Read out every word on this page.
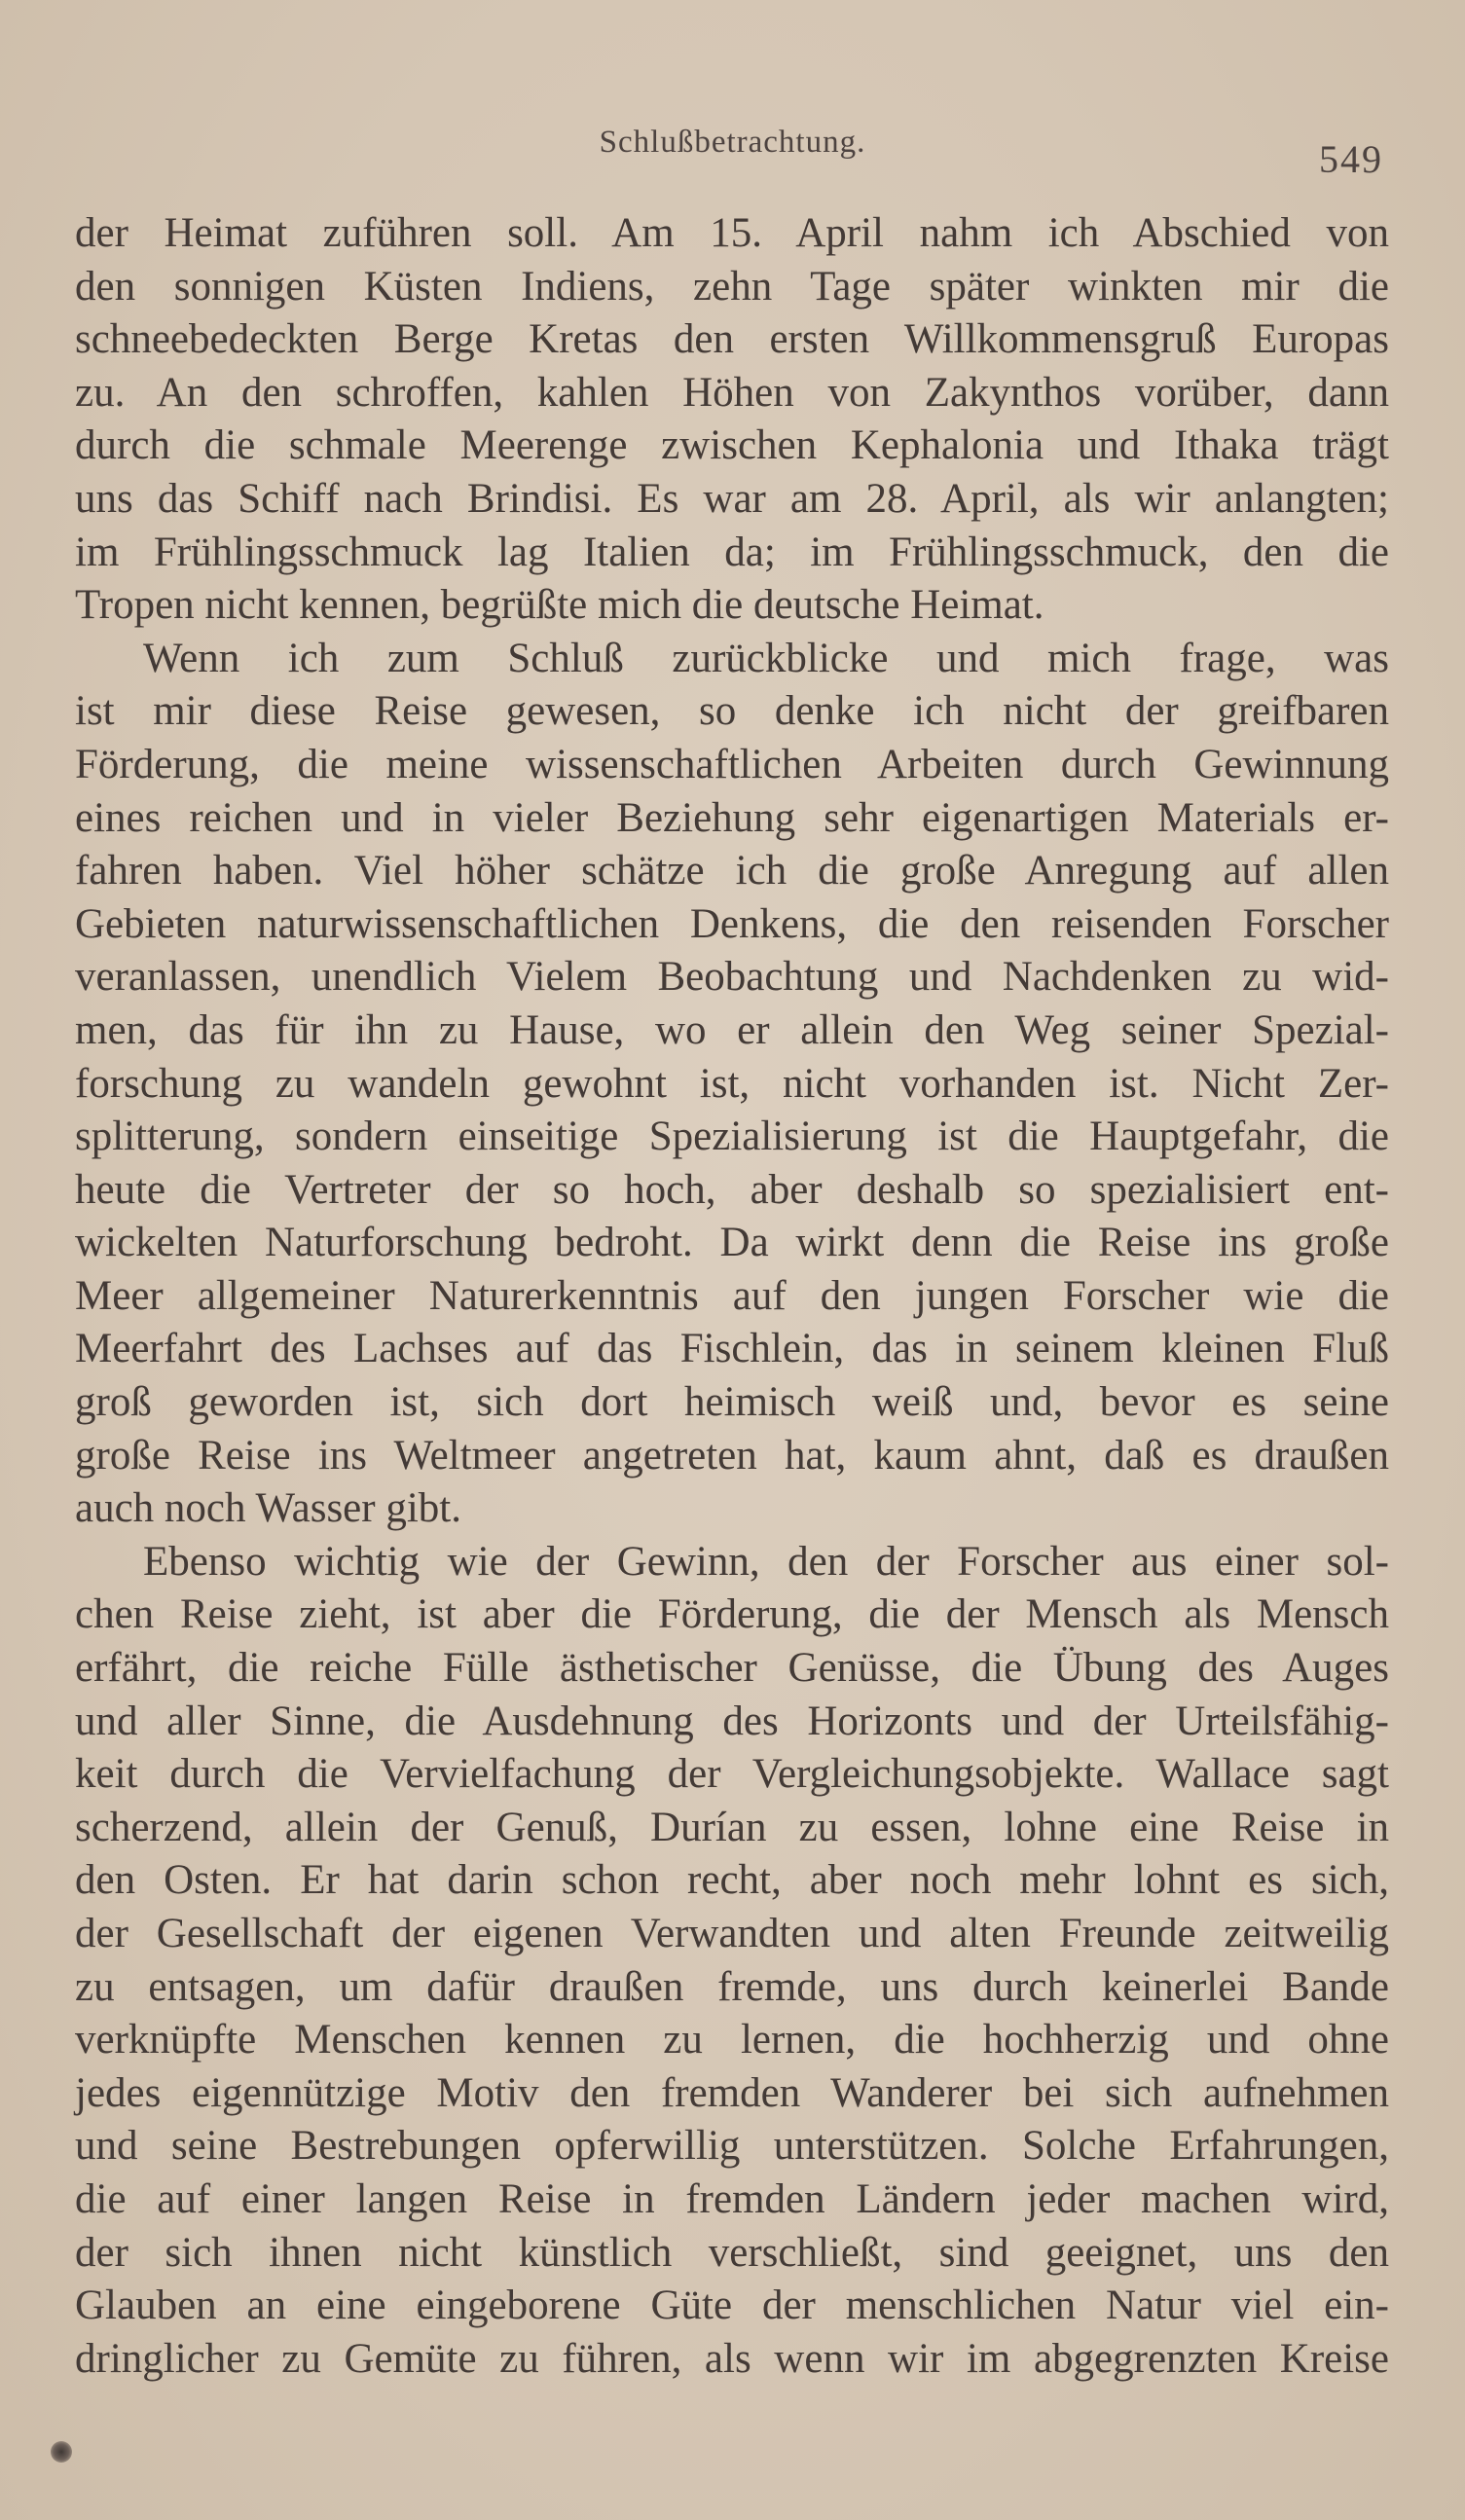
Schlußbetrachtung.	549
der Heimat zuführen soll. Am 15. April nahm ich Abschied von
den sonnigen Küsten Indiens, zehn Tage später winkten mir die
schneebedeckten Berge Kretas den ersten Willkommensgruß Europas
zu. An den schroffen, kahlen Höhen von Zakynthos vorüber, dann
durch die schmale Meerenge zwischen Kephalonia und Ithaka trägt
uns das Schiff nach Brindisi. Es war am 28. April, als wir anlangten;
im Frühlingsschmuck lag Italien da; im Frühlingsschmuck, den die
Tropen nicht kennen, begrüßte mich die deutsche Heimat.
Wenn ich zum Schluß zurückblicke und mich frage, was
ist mir diese Reise gewesen, so denke ich nicht der greifbaren
Förderung, die meine wissenschaftlichen Arbeiten durch Gewinnung
eines reichen und in vieler Beziehung sehr eigenartigen Materials er-
fahren haben. Viel höher schätze ich die große Anregung auf allen
Gebieten naturwissenschaftlichen Denkens, die den reisenden Forscher
veranlassen, unendlich Vielem Beobachtung und Nachdenken zu wid-
men, das für ihn zu Hause, wo er allein den Weg seiner Spezial-
forschung zu wandeln gewohnt ist, nicht vorhanden ist. Nicht Zer-
splitterung, sondern einseitige Spezialisierung ist die Hauptgefahr, die
heute die Vertreter der so hoch, aber deshalb so spezialisiert ent-
wickelten Naturforschung bedroht. Da wirkt denn die Reise ins große
Meer allgemeiner Naturerkenntnis auf den jungen Forscher wie die
Meerfahrt des Lachses auf das Fischlein, das in seinem kleinen Fluß
groß geworden ist, sich dort heimisch weiß und, bevor es seine
große Reise ins Weltmeer angetreten hat, kaum ahnt, daß es draußen
auch noch Wasser gibt.
Ebenso wichtig wie der Gewinn, den der Forscher aus einer sol-
chen Reise zieht, ist aber die Förderung, die der Mensch als Mensch
erfährt, die reiche Fülle ästhetischer Genüsse, die Übung des Auges
und aller Sinne, die Ausdehnung des Horizonts und der Urteilsfähig-
keit durch die Vervielfachung der Vergleichungsobjekte. Wallace sagt
scherzend, allein der Genuß, Durían zu essen, lohne eine Reise in
den Osten. Er hat darin schon recht, aber noch mehr lohnt es sich,
der Gesellschaft der eigenen Verwandten und alten Freunde zeitweilig
zu entsagen, um dafür draußen fremde, uns durch keinerlei Bande
verknüpfte Menschen kennen zu lernen, die hochherzig und ohne
jedes eigennützige Motiv den fremden Wanderer bei sich aufnehmen
und seine Bestrebungen opferwillig unterstützen. Solche Erfahrungen,
die auf einer langen Reise in fremden Ländern jeder machen wird,
der sich ihnen nicht künstlich verschließt, sind geeignet, uns den
Glauben an eine eingeborene Güte der menschlichen Natur viel ein-
dringlicher zu Gemüte zu führen, als wenn wir im abgegrenzten Kreise
